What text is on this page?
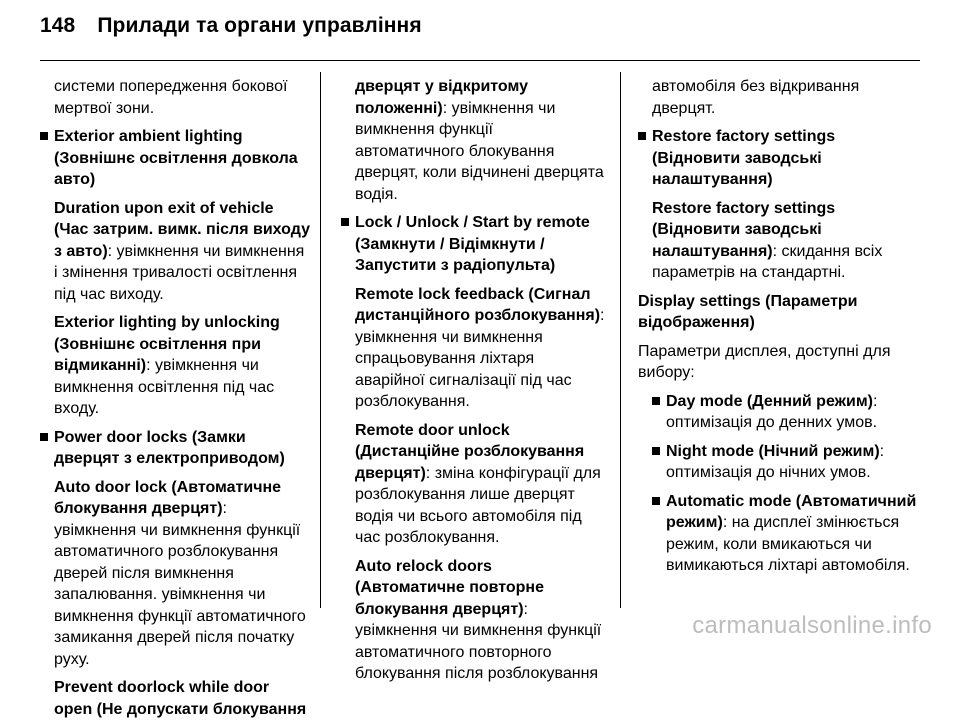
148 Прилади та органи управління

системи попередження бокової мертвої зони.

Exterior ambient lighting (Зовнішнє освітлення довкола авто)

Duration upon exit of vehicle (Час затрим. вимк. після виходу з авто): увімкнення чи вимкнення і змінення тривалості освітлення під час виходу.

Exterior lighting by unlocking (Зовнішнє освітлення при відмиканні): увімкнення чи вимкнення освітлення під час входу.

Power door locks (Замки дверцят з електроприводом)

Auto door lock (Автоматичне блокування дверцят): увімкнення чи вимкнення функції автоматичного розблокування дверей після вимкнення запалювання. увімкнення чи вимкнення функції автоматичного замикання дверей після початку руху.

Prevent doorlock while door open (Не допускати блокування

дверцят у відкритому положенні): увімкнення чи вимкнення функції автоматичного блокування дверцят, коли відчинені дверцята водія.

Lock / Unlock / Start by remote (Замкнути / Відімкнути / Запустити з радіопульта)

Remote lock feedback (Сигнал дистанційного розблокування): увімкнення чи вимкнення спрацьовування ліхтаря аварійної сигналізації під час розблокування.

Remote door unlock (Дистанційне розблокування дверцят): зміна конфігурації для розблокування лише дверцят водія чи всього автомобіля під час розблокування.

Auto relock doors (Автоматичне повторне блокування дверцят): увімкнення чи вимкнення функції автоматичного повторного блокування після розблокування

автомобіля без відкривання дверцят.

Restore factory settings (Відновити заводські налаштування)

Restore factory settings (Відновити заводські налаштування): скидання всіх параметрів на стандартні.

Display settings (Параметри відображення)

Параметри дисплея, доступні для вибору:

Day mode (Денний режим): оптимізація до денних умов.
Night mode (Нічний режим): оптимізація до нічних умов.
Automatic mode (Автоматичний режим): на дисплеї змінюється режим, коли вмикаються чи вимикаються ліхтарі автомобіля.
carmanualsonline.info
